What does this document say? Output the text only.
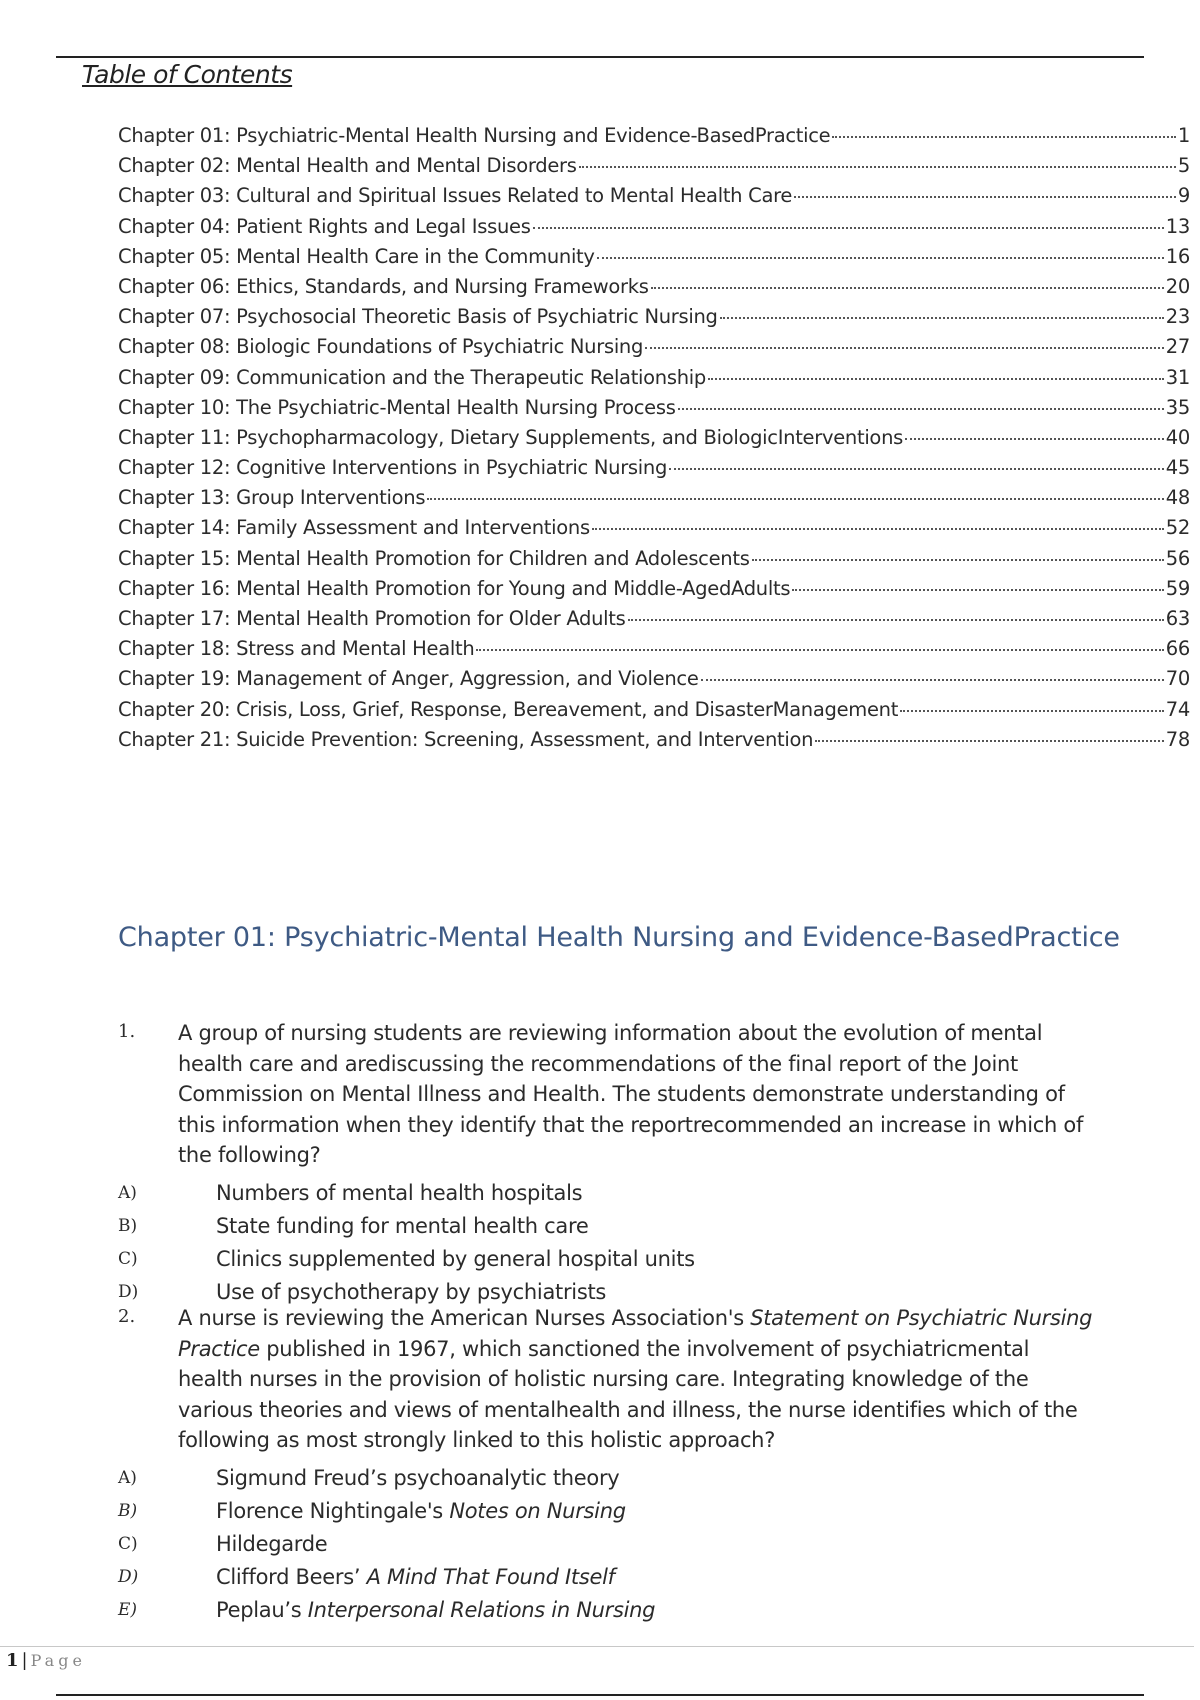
Table of Contents
Chapter 01: Psychiatric-Mental Health Nursing and Evidence-BasedPractice	1
Chapter 02: Mental Health and Mental Disorders	5
Chapter 03: Cultural and Spiritual Issues Related to Mental Health Care	9
Chapter 04: Patient Rights and Legal Issues	13
Chapter 05: Mental Health Care in the Community	16
Chapter 06: Ethics, Standards, and Nursing Frameworks	20
Chapter 07: Psychosocial Theoretic Basis of Psychiatric Nursing	23
Chapter 08: Biologic Foundations of Psychiatric Nursing	27
Chapter 09: Communication and the Therapeutic Relationship	31
Chapter 10: The Psychiatric-Mental Health Nursing Process	35
Chapter 11: Psychopharmacology, Dietary Supplements, and BiologicInterventions	40
Chapter 12: Cognitive Interventions in Psychiatric Nursing	45
Chapter 13: Group Interventions	48
Chapter 14: Family Assessment and Interventions	52
Chapter 15: Mental Health Promotion for Children and Adolescents	56
Chapter 16: Mental Health Promotion for Young and Middle-AgedAdults	59
Chapter 17: Mental Health Promotion for Older Adults	63
Chapter 18: Stress and Mental Health	66
Chapter 19: Management of Anger, Aggression, and Violence	70
Chapter 20: Crisis, Loss, Grief, Response, Bereavement, and DisasterManagement	74
Chapter 21: Suicide Prevention: Screening, Assessment, and Intervention	78
Chapter 01: Psychiatric-Mental Health Nursing and Evidence-BasedPractice
1.	A group of nursing students are reviewing information about the evolution of mental health care and arediscussing the recommendations of the final report of the Joint Commission on Mental Illness and Health. The students demonstrate understanding of this information when they identify that the reportrecommended an increase in which of the following?
A)	Numbers of mental health hospitals
B)	State funding for mental health care
C)	Clinics supplemented by general hospital units
D)	Use of psychotherapy by psychiatrists
2.	A nurse is reviewing the American Nurses Association's Statement on Psychiatric Nursing Practice published in 1967, which sanctioned the involvement of psychiatricmental health nurses in the provision of holistic nursing care. Integrating knowledge of the various theories and views of mentalhealth and illness, the nurse identifies which of the following as most strongly linked to this holistic approach?
A)	Sigmund Freud’s psychoanalytic theory
B)	Florence Nightingale's Notes on Nursing
C)	Hildegarde
D)	Clifford Beers’ A Mind That Found Itself
E)	Peplau’s Interpersonal Relations in Nursing
1 | Page
